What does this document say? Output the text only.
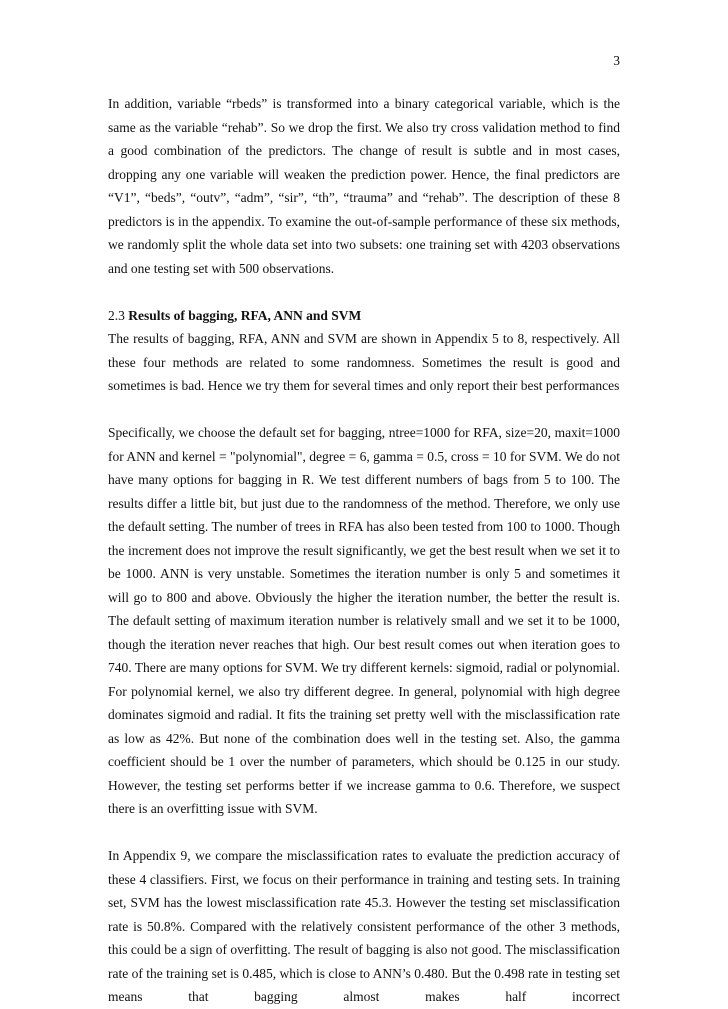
3

In addition, variable “rbeds” is transformed into a binary categorical variable, which is the same as the variable “rehab”. So we drop the first. We also try cross validation method to find a good combination of the predictors. The change of result is subtle and in most cases, dropping any one variable will weaken the prediction power. Hence, the final predictors are “V1”, “beds”, “outv”, “adm”, “sir”, “th”, “trauma” and “rehab”. The description of these 8 predictors is in the appendix. To examine the out-of-sample performance of these six methods, we randomly split the whole data set into two subsets: one training set with 4203 observations and one testing set with 500 observations.

2.3 Results of bagging, RFA, ANN and SVM

The results of bagging, RFA, ANN and SVM are shown in Appendix 5 to 8, respectively. All these four methods are related to some randomness. Sometimes the result is good and sometimes is bad. Hence we try them for several times and only report their best performances

Specifically, we choose the default set for bagging, ntree=1000 for RFA, size=20, maxit=1000 for ANN and kernel = "polynomial", degree = 6, gamma = 0.5, cross = 10 for SVM. We do not have many options for bagging in R. We test different numbers of bags from 5 to 100. The results differ a little bit, but just due to the randomness of the method. Therefore, we only use the default setting. The number of trees in RFA has also been tested from 100 to 1000. Though the increment does not improve the result significantly, we get the best result when we set it to be 1000. ANN is very unstable. Sometimes the iteration number is only 5 and sometimes it will go to 800 and above. Obviously the higher the iteration number, the better the result is. The default setting of maximum iteration number is relatively small and we set it to be 1000, though the iteration never reaches that high. Our best result comes out when iteration goes to 740. There are many options for SVM. We try different kernels: sigmoid, radial or polynomial. For polynomial kernel, we also try different degree. In general, polynomial with high degree dominates sigmoid and radial. It fits the training set pretty well with the misclassification rate as low as 42%. But none of the combination does well in the testing set. Also, the gamma coefficient should be 1 over the number of parameters, which should be 0.125 in our study. However, the testing set performs better if we increase gamma to 0.6. Therefore, we suspect there is an overfitting issue with SVM.

In Appendix 9, we compare the misclassification rates to evaluate the prediction accuracy of these 4 classifiers. First, we focus on their performance in training and testing sets. In training set, SVM has the lowest misclassification rate 45.3. However the testing set misclassification rate is 50.8%. Compared with the relatively consistent performance of the other 3 methods, this could be a sign of overfitting. The result of bagging is also not good. The misclassification rate of the training set is 0.485, which is close to ANN’s 0.480. But the 0.498 rate in testing set means that bagging almost makes half incorrect
